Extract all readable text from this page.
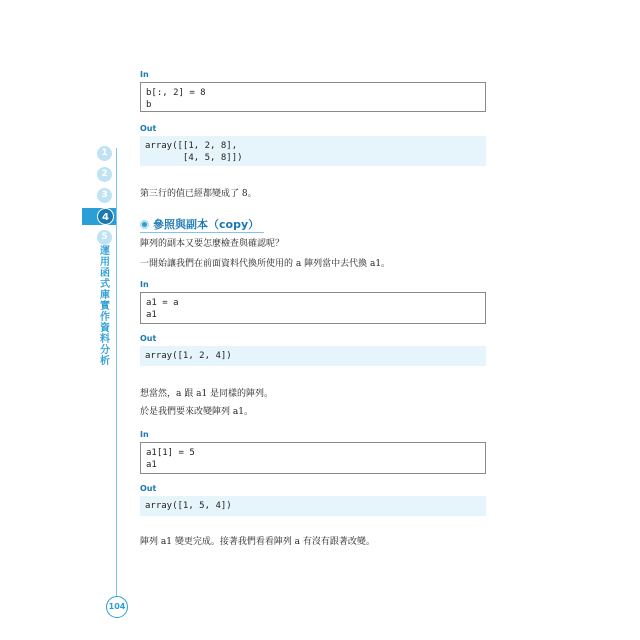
1
2
3
4
5
運用函式庫實作資料分析
104
In
b[:, 2] = 8
b
Out
array([[1, 2, 8],
[4, 5, 8]])
第三行的值已經都變成了 8。
參照與副本（copy）
陣列的副本又要怎麼檢查與確認呢？
一開始讓我們在前面資料代換所使用的 a 陣列當中去代換 a1。
In
a1 = a
a1
Out
array([1, 2, 4])
想當然，a 跟 a1 是同樣的陣列。
於是我們要來改變陣列 a1。
In
a1[1] = 5
a1
Out
array([1, 5, 4])
陣列 a1 變更完成。接著我們看看陣列 a 有沒有跟著改變。
